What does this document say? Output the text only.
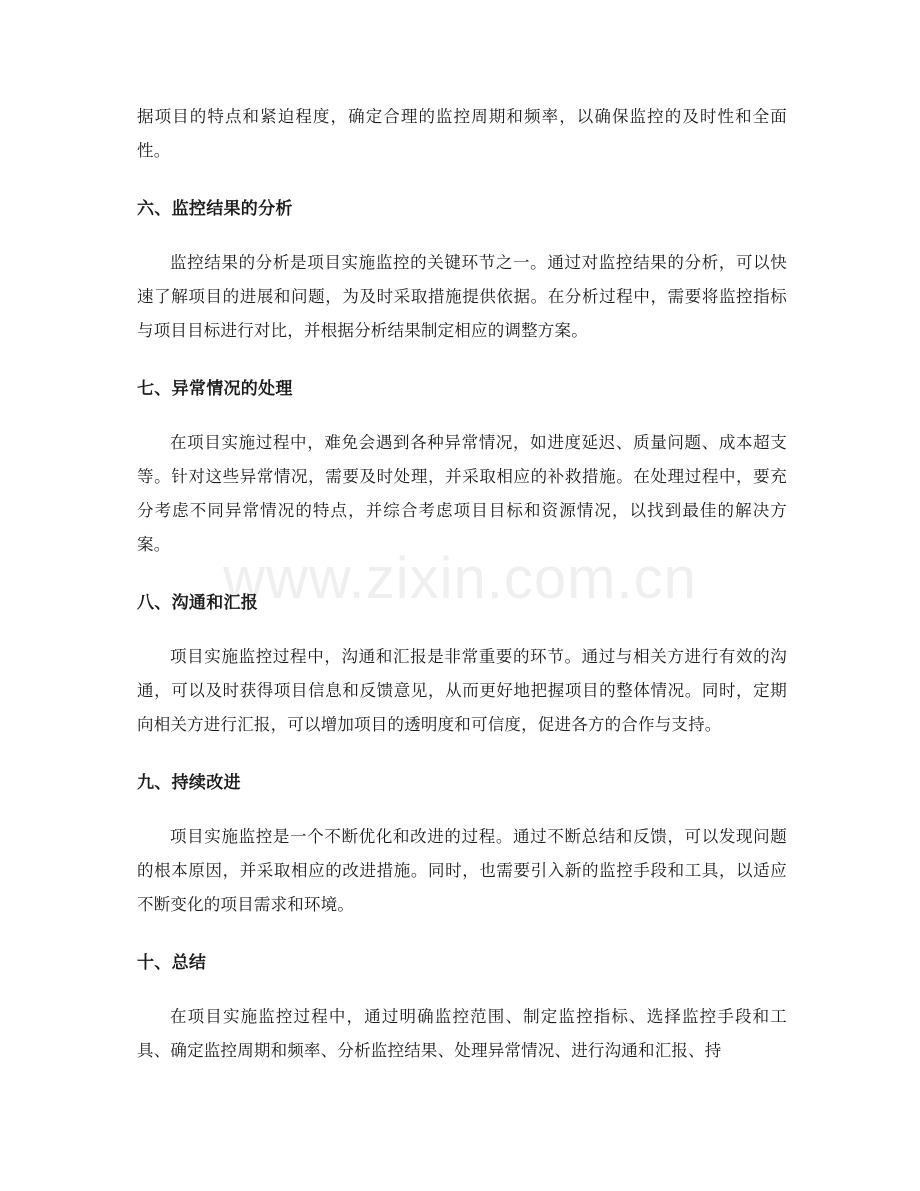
www.zixin.com.cn

据项目的特点和紧迫程度，确定合理的监控周期和频率，以确保监控的及时性和全面性。

六、监控结果的分析

监控结果的分析是项目实施监控的关键环节之一。通过对监控结果的分析，可以快速了解项目的进展和问题，为及时采取措施提供依据。在分析过程中，需要将监控指标与项目目标进行对比，并根据分析结果制定相应的调整方案。

七、异常情况的处理

在项目实施过程中，难免会遇到各种异常情况，如进度延迟、质量问题、成本超支等。针对这些异常情况，需要及时处理，并采取相应的补救措施。在处理过程中，要充分考虑不同异常情况的特点，并综合考虑项目目标和资源情况，以找到最佳的解决方案。

八、沟通和汇报

项目实施监控过程中，沟通和汇报是非常重要的环节。通过与相关方进行有效的沟通，可以及时获得项目信息和反馈意见，从而更好地把握项目的整体情况。同时，定期向相关方进行汇报，可以增加项目的透明度和可信度，促进各方的合作与支持。

九、持续改进

项目实施监控是一个不断优化和改进的过程。通过不断总结和反馈，可以发现问题的根本原因，并采取相应的改进措施。同时，也需要引入新的监控手段和工具，以适应不断变化的项目需求和环境。

十、总结

在项目实施监控过程中，通过明确监控范围、制定监控指标、选择监控手段和工具、确定监控周期和频率、分析监控结果、处理异常情况、进行沟通和汇报、持
